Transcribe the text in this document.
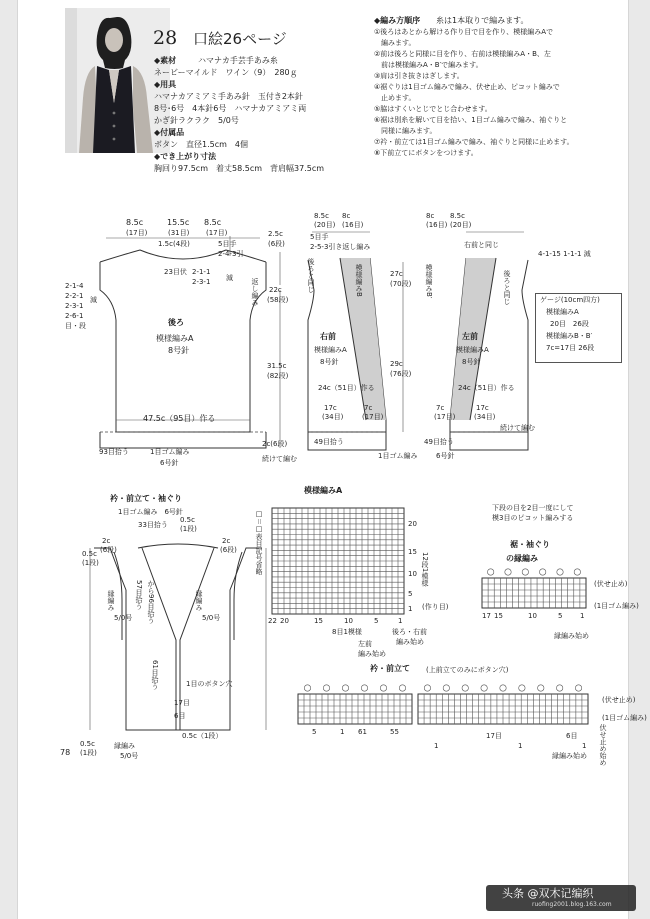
28 口絵26ページ
◆素材	ハマナカ手芸手あみ糸
ネービーマイルド　ワイン（9）　280ｇ
◆用具
ハマナカアミアミ手あみ針　玉付き2本針
8号･6号　4本針6号　ハマナカアミアミ両
かぎ針ラクラク　5/0号
◆付属品
ボタン　直径1.5cm　4個
◆でき上がり寸法
胸回り97.5cm　着丈58.5cm　背肩幅37.5cm
◆編み方順序 糸は1本取りで編みます。
①後ろはあとから解ける作り目で目を作り、模様編みAで
　編みます。
②前は後ろと同様に目を作り、右前は模様編みA・B、左
　前は模様編みA・B′で編みます。
③肩は引き抜きはぎします。
④裾ぐりは1目ゴム編みで編み、伏せ止め、ピコット編みで
　止めます。
⑤脇はすくいとじでとじ合わせます。
⑥裾は別糸を解いて目を拾い、1目ゴム編みで編み、袖ぐりと
　同様に編みます。
⑦衿・前立ては1目ゴム編みで編み、袖ぐりと同様に止めます。
⑧下前立てにボタンをつけます。
8.5c
(17目)
15.5c
(31目)
8.5c
(17目)
1.5c(4段)	5目手
2-4-3引
23目伏 2-1-1
2-3-1 減
2-1-4
2-2-1
2-3-1
2-6-1
目・段
減
後ろ
模様編みA
8号針
47.5c（95目）作る
93目拾う	1目ゴム編み
6号針
2.5c
(6段)
返し編み 22c
(58段)
31.5c
(82段)
2c(6段)
続けて編む
8.5c
(20目)
8c
(16目)
8c
(16目)
8.5c
(20目)
5目手
2-5-3引き返し編み	右前と同じ
4-1-15 1-1-1 減
後ろと同じ	後ろと同じ
27c
(70段)
29c
(76段)
右前
模様編みA
8号針
左前
模様編みA
8号針
模様編みB	模様編みB′
24c（51目）作る	24c（51目）作る
17c
(34目)
7c
(17目)
7c
(17目)
17c
(34目)
49目拾う	49目拾う
1目ゴム編み	6号針
続けて編む
ゲージ(10cm四方)
模様編みA
20目　26段
模様編みB・B′
7c=17目 26段
衿・前立て・袖ぐり
1目ゴム編み　6号針
33目拾う
0.5c
(1段)
2c
(6段)
2c
(6段)
0.5c
(1段)
縁編み
5/0号
縁編み
5/0号
57目拾う から96目拾う
61目拾う	1目のボタン穴
17目
6目
0.5c
(1段)
0.5c（1段）
縁編み
5/0号
模様編みA
□＝□表目記号省略
22 20	15	10	5	1
20
15
10
5
1
12段1模様
(作り目)
8目1模様	後ろ・右前
編み始め
左前
編み始め
下段の目を2目一度にして
模3目のピコット編みする
裾・袖ぐり
の縁編み
17 15	10	5	1
(伏せ止め)
(1目ゴム編み)
縁編み始め
衿・前立て (上前立てのみにボタン穴)
5	1 61	55
1
17目
1
6目
1
(伏せ止め)
(1目ゴム編み)
縁編み始め 伏せ止め始め
78
头条 @双木记编织
ruofing2001.blog.163.com
